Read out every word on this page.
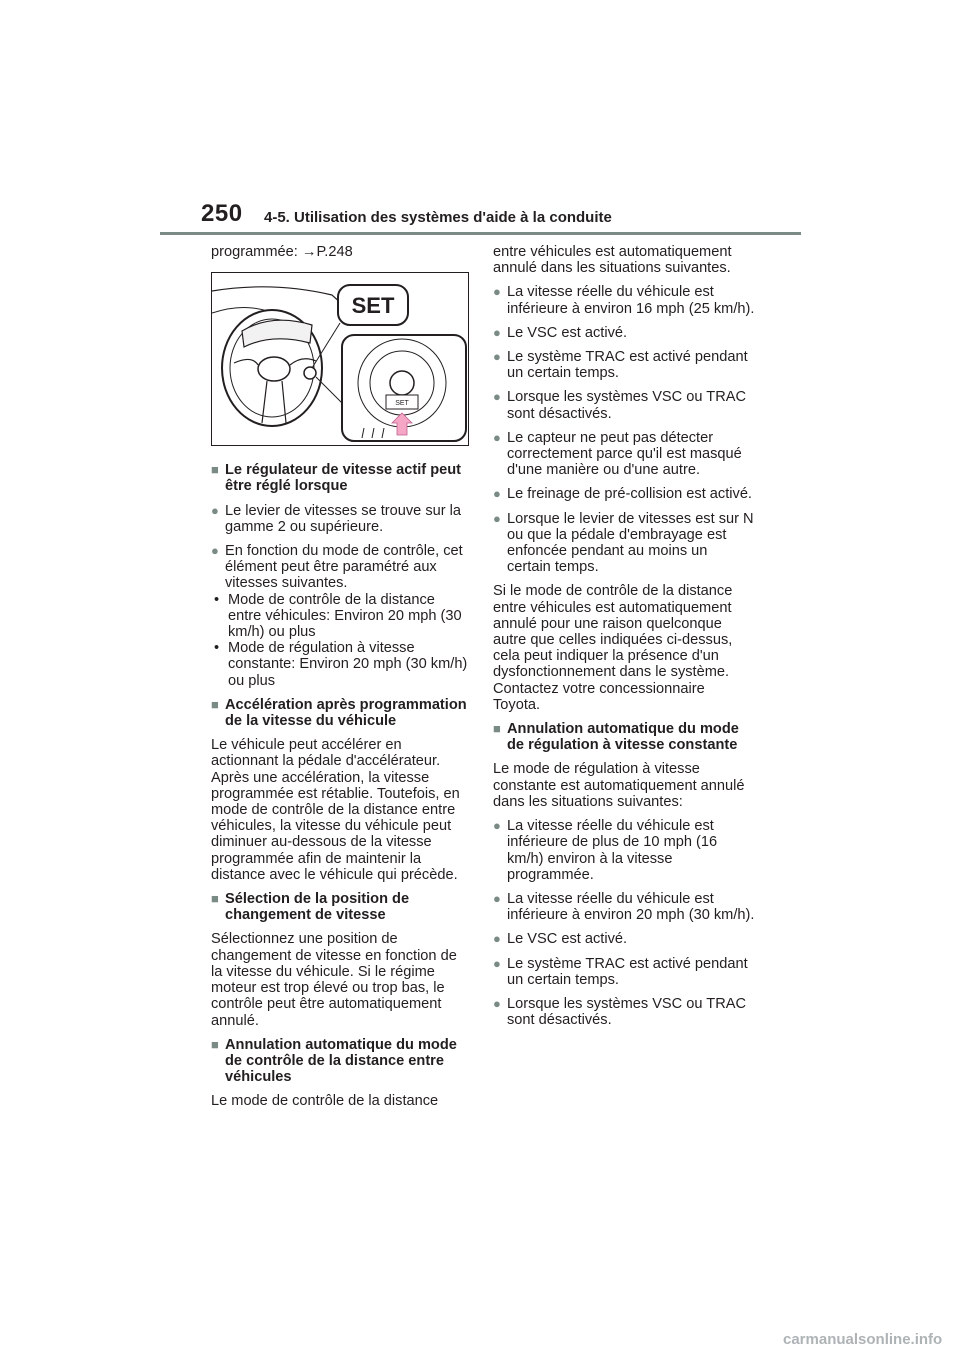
250 4-5. Utilisation des systèmes d'aide à la conduite

programmée: →P.248

SET
SET
■ Le régulateur de vitesse actif peut être réglé lorsque
● Le levier de vitesses se trouve sur la gamme 2 ou supérieure.
● En fonction du mode de contrôle, cet élément peut être paramétré aux vitesses suivantes.
• Mode de contrôle de la distance entre véhicules: Environ 20 mph (30 km/h) ou plus
• Mode de régulation à vitesse constante: Environ 20 mph (30 km/h) ou plus
■ Accélération après programmation de la vitesse du véhicule

Le véhicule peut accélérer en actionnant la pédale d'accélérateur. Après une accélération, la vitesse programmée est rétablie. Toutefois, en mode de contrôle de la distance entre véhicules, la vitesse du véhicule peut diminuer au-dessous de la vitesse programmée afin de maintenir la distance avec le véhicule qui précède.

■ Sélection de la position de changement de vitesse

Sélectionnez une position de changement de vitesse en fonction de la vitesse du véhicule. Si le régime moteur est trop élevé ou trop bas, le contrôle peut être automatiquement annulé.

■ Annulation automatique du mode de contrôle de la distance entre véhicules

Le mode de contrôle de la distance

entre véhicules est automatiquement annulé dans les situations suivantes.

● La vitesse réelle du véhicule est inférieure à environ 16 mph (25 km/h).
● Le VSC est activé.
● Le système TRAC est activé pendant un certain temps.
● Lorsque les systèmes VSC ou TRAC sont désactivés.
● Le capteur ne peut pas détecter correctement parce qu'il est masqué d'une manière ou d'une autre.
● Le freinage de pré-collision est activé.
● Lorsque le levier de vitesses est sur N ou que la pédale d'embrayage est enfoncée pendant au moins un certain temps.

Si le mode de contrôle de la distance entre véhicules est automatiquement annulé pour une raison quelconque autre que celles indiquées ci-dessus, cela peut indiquer la présence d'un dysfonctionnement dans le système. Contactez votre concessionnaire Toyota.

■ Annulation automatique du mode de régulation à vitesse constante

Le mode de régulation à vitesse constante est automatiquement annulé dans les situations suivantes:

● La vitesse réelle du véhicule est inférieure de plus de 10 mph (16 km/h) environ à la vitesse programmée.
● La vitesse réelle du véhicule est inférieure à environ 20 mph (30 km/h).
● Le VSC est activé.
● Le système TRAC est activé pendant un certain temps.
● Lorsque les systèmes VSC ou TRAC sont désactivés.
carmanualsonline.info
